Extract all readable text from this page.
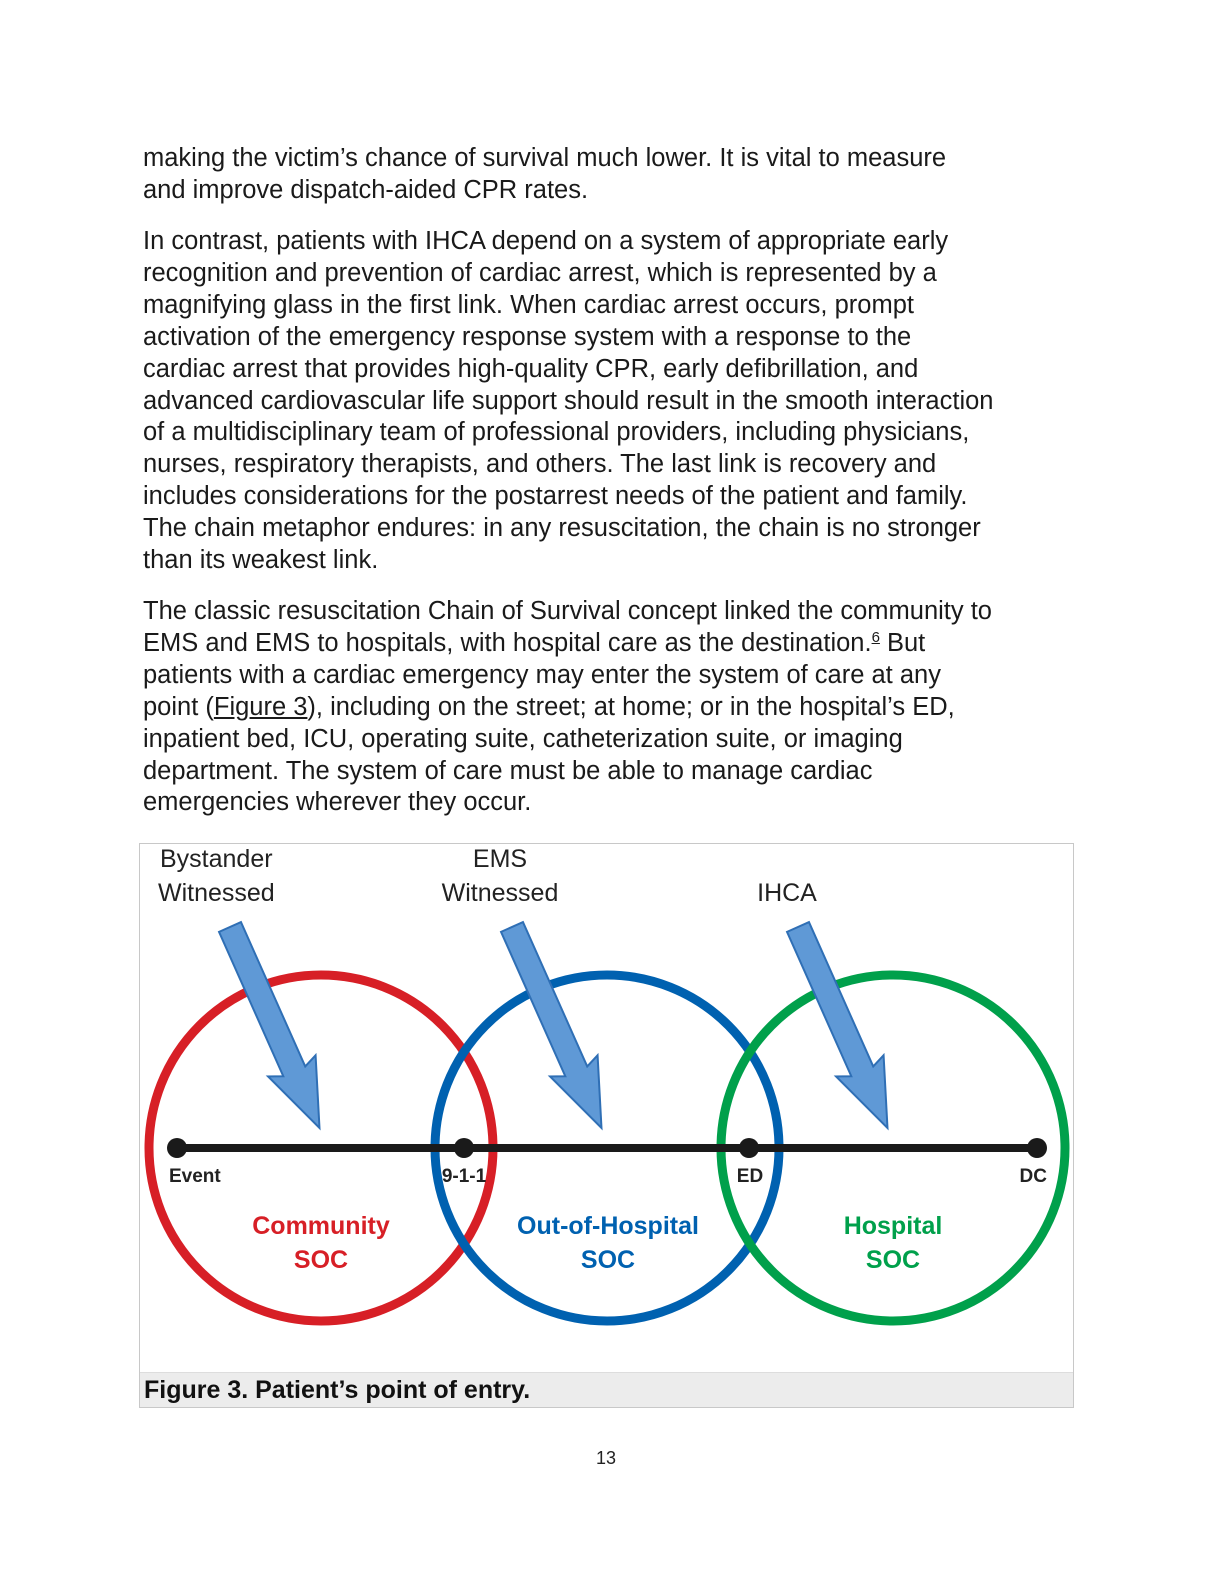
making the victim’s chance of survival much lower. It is vital to measure
and improve dispatch-aided CPR rates.
In contrast, patients with IHCA depend on a system of appropriate early
recognition and prevention of cardiac arrest, which is represented by a
magnifying glass in the first link. When cardiac arrest occurs, prompt
activation of the emergency response system with a response to the
cardiac arrest that provides high-quality CPR, early defibrillation, and
advanced cardiovascular life support should result in the smooth interaction
of a multidisciplinary team of professional providers, including physicians,
nurses, respiratory therapists, and others. The last link is recovery and
includes considerations for the postarrest needs of the patient and family.
The chain metaphor endures: in any resuscitation, the chain is no stronger
than its weakest link.
The classic resuscitation Chain of Survival concept linked the community to
EMS and EMS to hospitals, with hospital care as the destination.$^6$ But
patients with a cardiac emergency may enter the system of care at any
point (Figure 3), including on the street; at home; or in the hospital’s ED,
inpatient bed, ICU, operating suite, catheterization suite, or imaging
department. The system of care must be able to manage cardiac
emergencies wherever they occur.
Bystander
Witnessed
EMS
Witnessed	IHCA
Event	9-1-1	ED	DC
Community
SOC
Out-of-Hospital
SOC
Hospital
SOC
Figure 3. Patient’s point of entry.
13
